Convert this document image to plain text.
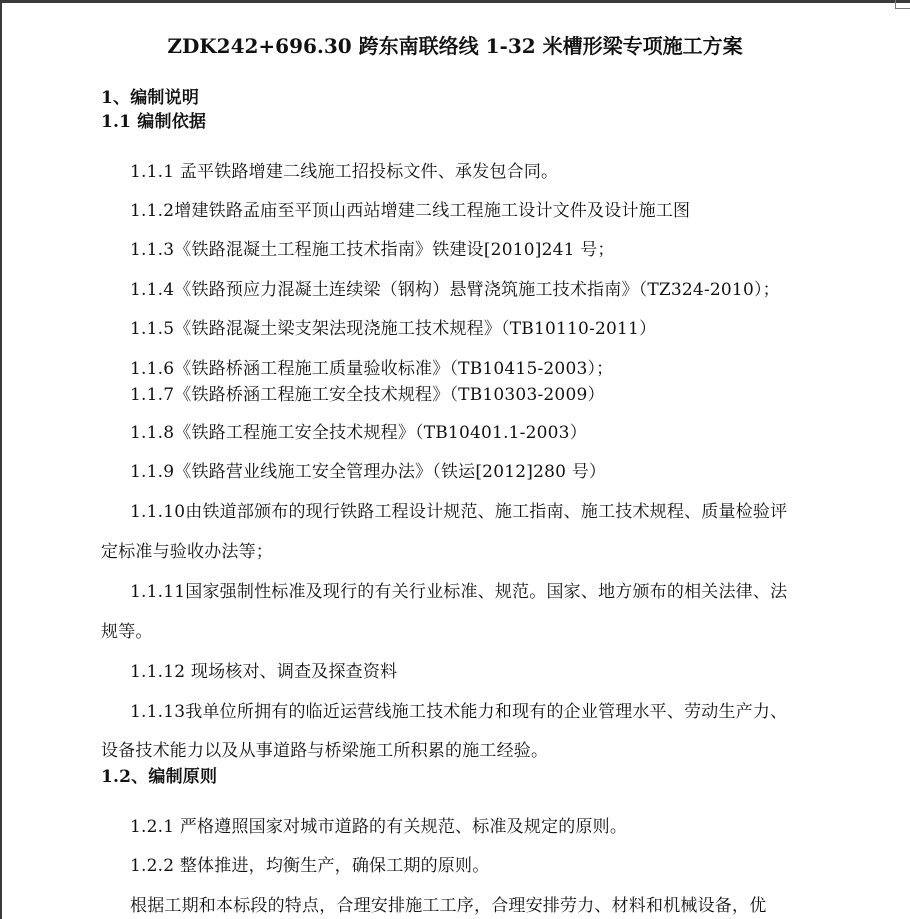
ZDK242+696.30 跨东南联络线 1-32 米槽形梁专项施工方案
1、编制说明
1.1 编制依据
1.1.1 孟平铁路增建二线施工招投标文件、承发包合同。
1.1.2增建铁路孟庙至平顶山西站增建二线工程施工设计文件及设计施工图
1.1.3《铁路混凝土工程施工技术指南》铁建设[2010]241 号；
1.1.4《铁路预应力混凝土连续梁（钢构）悬臂浇筑施工技术指南》（TZ324-2010）；
1.1.5《铁路混凝土梁支架法现浇施工技术规程》（TB10110-2011）
1.1.6《铁路桥涵工程施工质量验收标准》（TB10415-2003）；
1.1.7《铁路桥涵工程施工安全技术规程》（TB10303-2009）
1.1.8《铁路工程施工安全技术规程》（TB10401.1-2003）
1.1.9《铁路营业线施工安全管理办法》（铁运[2012]280 号）
1.1.10由铁道部颁布的现行铁路工程设计规范、施工指南、施工技术规程、质量检验评
定标准与验收办法等；
1.1.11国家强制性标准及现行的有关行业标准、规范。国家、地方颁布的相关法律、法
规等。
1.1.12 现场核对、调查及探查资料
1.1.13我单位所拥有的临近运营线施工技术能力和现有的企业管理水平、劳动生产力、
设备技术能力以及从事道路与桥梁施工所积累的施工经验。
1.2、编制原则
1.2.1 严格遵照国家对城市道路的有关规范、标准及规定的原则。
1.2.2 整体推进，均衡生产，确保工期的原则。
根据工期和本标段的特点，合理安排施工工序，合理安排劳力、材料和机械设备，优
